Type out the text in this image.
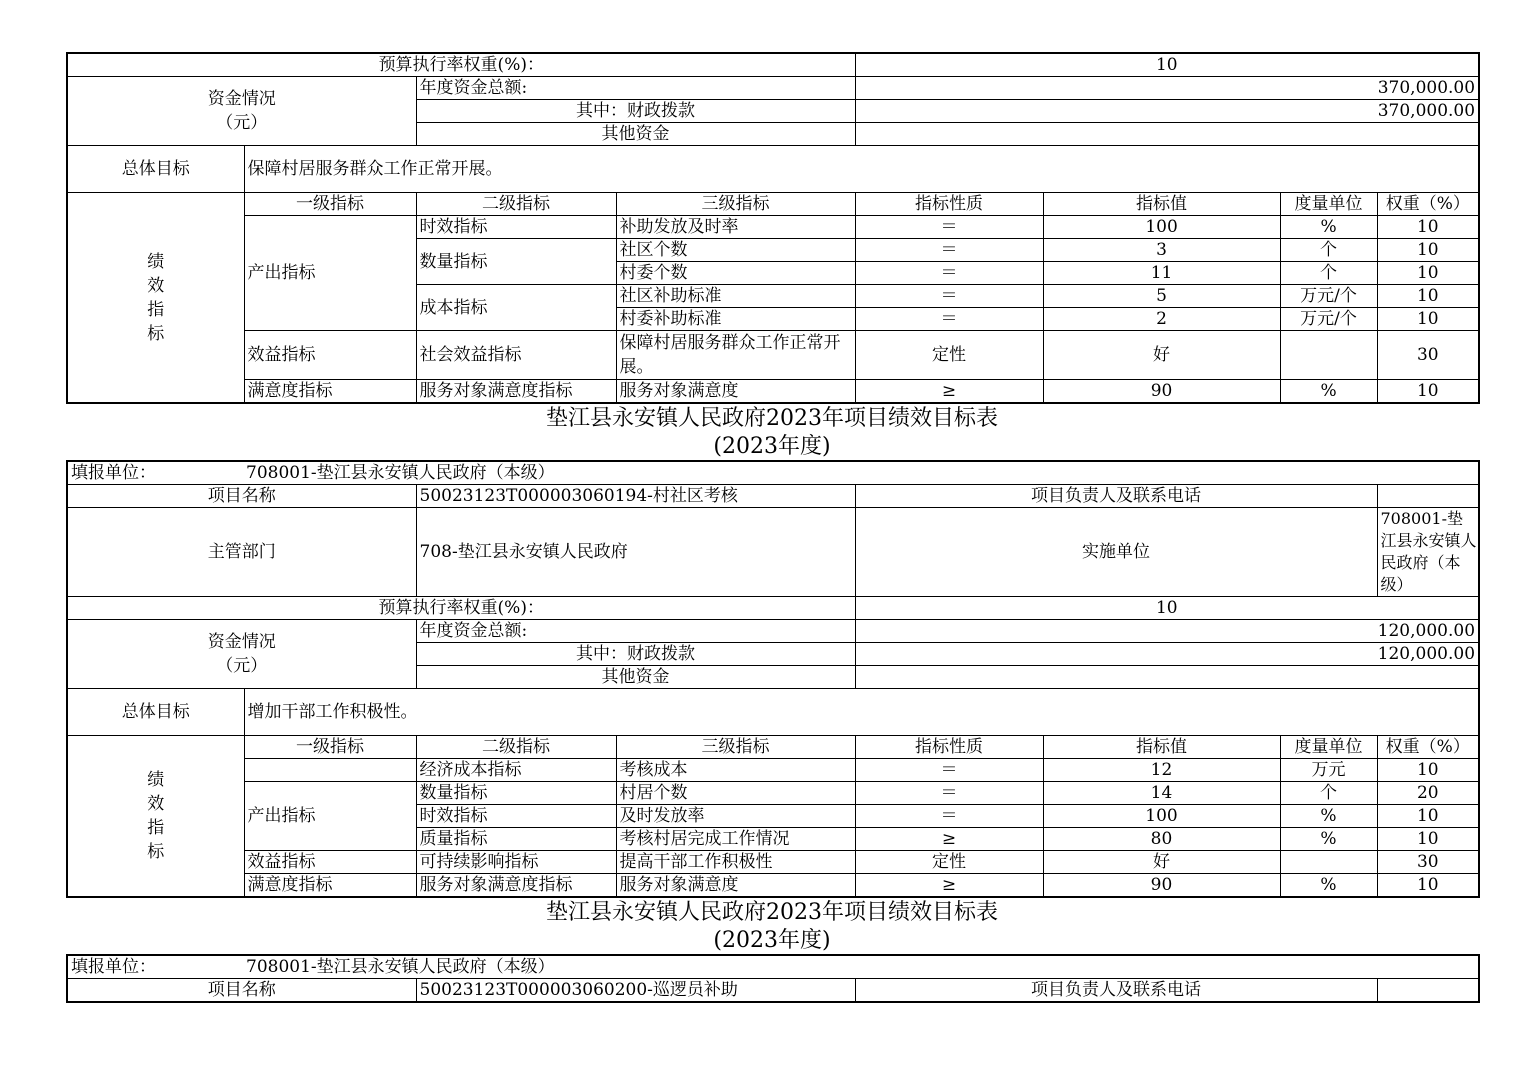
预算执行率权重(%)：				10			

资金情况
（元）		年度资金总额:		370,000.00			
		其中：财政拨款		370,000.00			
		其他资金					
总体目标	保障村居服务群众工作正常开展。						
绩效指标	一级指标	二级指标	三级指标	指标性质	指标值	度量单位	权重（%）
	产出指标	时效指标	补助发放及时率	＝	100	%	10
		数量指标	社区个数	＝	3	个	10
			村委个数	＝	11	个	10
		成本指标	社区补助标准	＝	5	万元/个	10
			村委补助标准	＝	2	万元/个	10
	效益指标	社会效益指标	保障村居服务群众工作正常开展。	定性	好		30
	满意度指标	服务对象满意度指标	服务对象满意度	≥	90	%	10
垫江县永安镇人民政府2023年项目绩效目标表
(2023年度)
填报单位： 708001-垫江县永安镇人民政府（本级）							
项目名称		50023123T000003060194-村社区考核		项目负责人及联系电话			
主管部门		708-垫江县永安镇人民政府		实施单位			708001-垫江县永安镇人民政府（本级）
预算执行率权重(%)：				10			

资金情况
（元）		年度资金总额:		120,000.00			
		其中：财政拨款		120,000.00			
		其他资金					
总体目标	增加干部工作积极性。						
绩效指标	一级指标	二级指标	三级指标	指标性质	指标值	度量单位	权重（%）
		经济成本指标	考核成本	＝	12	万元	10
	产出指标	数量指标	村居个数	＝	14	个	20
		时效指标	及时发放率	＝	100	%	10
		质量指标	考核村居完成工作情况	≥	80	%	10
	效益指标	可持续影响指标	提高干部工作积极性	定性	好		30
	满意度指标	服务对象满意度指标	服务对象满意度	≥	90	%	10
垫江县永安镇人民政府2023年项目绩效目标表
(2023年度)
填报单位：	708001-垫江县永安镇人民政府（本级）
项目名称	50023123T000003060200-巡逻员补助	项目负责人及联系电话	
